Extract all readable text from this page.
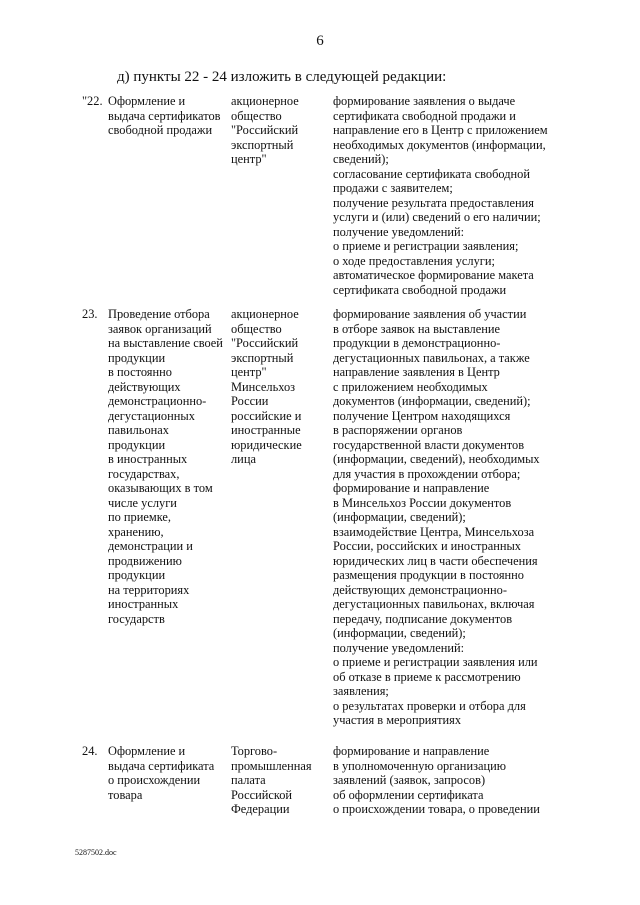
6
д) пункты 22 - 24 изложить в следующей редакции:
"22. Оформление и
выдача сертификатов
свободной продажи
акционерное
общество
"Российский
экспортный
центр"
формирование заявления о выдаче
сертификата свободной продажи и
направление его в Центр с приложением
необходимых документов (информации,
сведений);
согласование сертификата свободной
продажи с заявителем;
получение результата предоставления
услуги и (или) сведений о его наличии;
получение уведомлений:
о приеме и регистрации заявления;
о ходе предоставления услуги;
автоматическое формирование макета
сертификата свободной продажи
23. Проведение отбора
заявок организаций
на выставление своей
продукции
в постоянно
действующих
демонстрационно-
дегустационных
павильонах
продукции
в иностранных
государствах,
оказывающих в том
числе услуги
по приемке,
хранению,
демонстрации и
продвижению
продукции
на территориях
иностранных
государств
акционерное
общество
"Российский
экспортный
центр"
Минсельхоз
России
российские и
иностранные
юридические
лица
формирование заявления об участии
в отборе заявок на выставление
продукции в демонстрационно-
дегустационных павильонах, а также
направление заявления в Центр
с приложением необходимых
документов (информации, сведений);
получение Центром находящихся
в распоряжении органов
государственной власти документов
(информации, сведений), необходимых
для участия в прохождении отбора;
формирование и направление
в Минсельхоз России документов
(информации, сведений);
взаимодействие Центра, Минсельхоза
России, российских и иностранных
юридических лиц в части обеспечения
размещения продукции в постоянно
действующих демонстрационно-
дегустационных павильонах, включая
передачу, подписание документов
(информации, сведений);
получение уведомлений:
о приеме и регистрации заявления или
об отказе в приеме к рассмотрению
заявления;
о результатах проверки и отбора для
участия в мероприятиях
24. Оформление и
выдача сертификата
о происхождении
товара
Торгово-
промышленная
палата
Российской
Федерации
формирование и направление
в уполномоченную организацию
заявлений (заявок, запросов)
об оформлении сертификата
о происхождении товара, о проведении
5287502.doc
